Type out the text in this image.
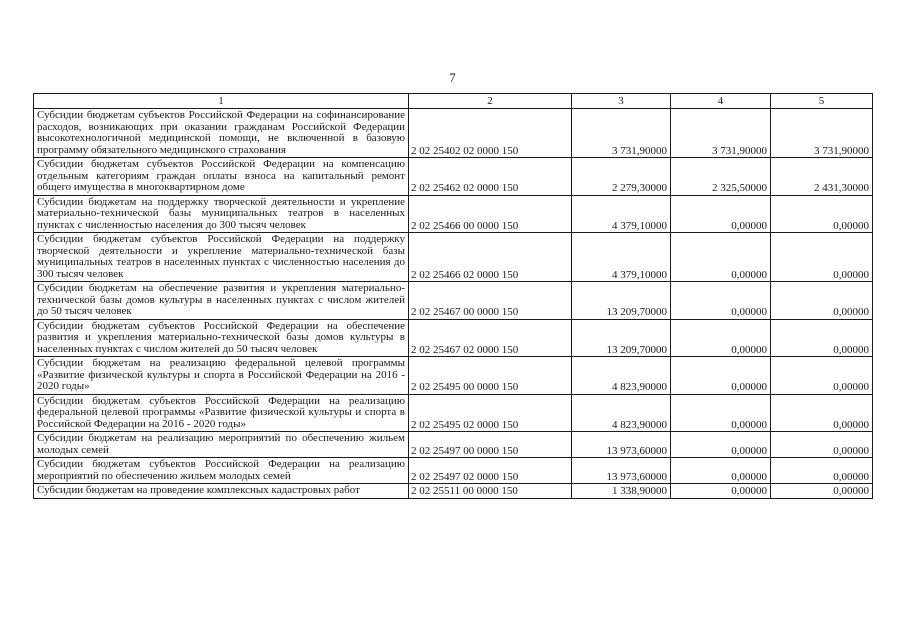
7
1	2	3	4	5
Субсидии бюджетам субъектов Российской Федерации на софинансирование расходов, возникающих при оказании гражданам Российской Федерации высокотехнологичной медицинской помощи, не включенной в базовую программу обязательного медицинского страхования	2 02 25402 02 0000 150	3 731,90000	3 731,90000	3 731,90000
Субсидии бюджетам субъектов Российской Федерации на компенсацию отдельным категориям граждан оплаты взноса на капитальный ремонт общего имущества в многоквартирном доме	2 02 25462 02 0000 150	2 279,30000	2 325,50000	2 431,30000
Субсидии бюджетам на поддержку творческой деятельности и укрепление материально-технической базы муниципальных театров в населенных пунктах с численностью населения до 300 тысяч человек	2 02 25466 00 0000 150	4 379,10000	0,00000	0,00000
Субсидии бюджетам субъектов Российской Федерации на поддержку творческой деятельности и укрепление материально-технической базы муниципальных театров в населенных пунктах с численностью населения до 300 тысяч человек	2 02 25466 02 0000 150	4 379,10000	0,00000	0,00000
Субсидии бюджетам на обеспечение развития и укрепления материально-технической базы домов культуры в населенных пунктах с числом жителей до 50 тысяч человек	2 02 25467 00 0000 150	13 209,70000	0,00000	0,00000
Субсидии бюджетам субъектов Российской Федерации на обеспечение развития и укрепления материально-технической базы домов культуры в населенных пунктах с числом жителей до 50 тысяч человек	2 02 25467 02 0000 150	13 209,70000	0,00000	0,00000
Субсидии бюджетам на реализацию федеральной целевой программы «Развитие физической культуры и спорта в Российской Федерации на 2016 - 2020 годы»	2 02 25495 00 0000 150	4 823,90000	0,00000	0,00000
Субсидии бюджетам субъектов Российской Федерации на реализацию федеральной целевой программы «Развитие физической культуры и спорта в Российской Федерации на 2016 - 2020 годы»	2 02 25495 02 0000 150	4 823,90000	0,00000	0,00000
Субсидии бюджетам на реализацию мероприятий по обеспечению жильем молодых семей	2 02 25497 00 0000 150	13 973,60000	0,00000	0,00000
Субсидии бюджетам субъектов Российской Федерации на реализацию мероприятий по обеспечению жильем молодых семей	2 02 25497 02 0000 150	13 973,60000	0,00000	0,00000
Субсидии бюджетам на проведение комплексных кадастровых работ	2 02 25511 00 0000 150	1 338,90000	0,00000	0,00000
